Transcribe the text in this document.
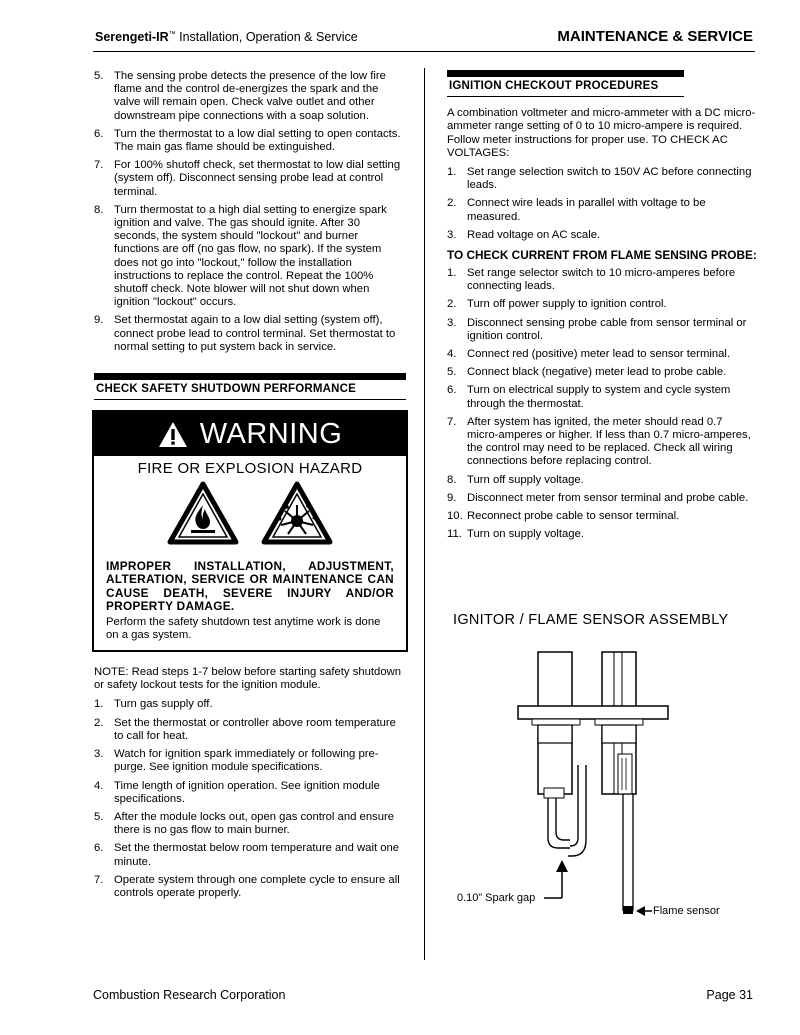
Serengeti-IR™ Installation, Operation & Service	MAINTENANCE & SERVICE
5. The sensing probe detects the presence of the low fire flame and the control de-energizes the spark and the valve will remain open. Check valve outlet and other downstream pipe connections with a soap solution.
6. Turn the thermostat to a low dial setting to open contacts. The main gas flame should be extinguished.
7. For 100% shutoff check, set thermostat to low dial setting (system off). Disconnect sensing probe lead at control terminal.
8. Turn thermostat to a high dial setting to energize spark ignition and valve. The gas should ignite. After 30 seconds, the system should "lockout" and burner functions are off (no gas flow, no spark). If the system does not go into "lockout," follow the installation instructions to replace the control. Repeat the 100% shutoff check. Note blower will not shut down when ignition "lockout" occurs.
9. Set thermostat again to a low dial setting (system off), connect probe lead to control terminal. Set thermostat to normal setting to put system back in service.
CHECK SAFETY SHUTDOWN PERFORMANCE
WARNING
FIRE OR EXPLOSION HAZARD
IMPROPER INSTALLATION, ADJUSTMENT, ALTERATION, SERVICE OR MAINTENANCE CAN CAUSE DEATH, SEVERE INJURY AND/OR PROPERTY DAMAGE.
Perform the safety shutdown test anytime work is done on a gas system.

NOTE: Read steps 1-7 below before starting safety shutdown or safety lockout tests for the ignition module.

1. Turn gas supply off.
2. Set the thermostat or controller above room temperature to call for heat.
3. Watch for ignition spark immediately or following pre-purge. See ignition module specifications.
4. Time length of ignition operation. See ignition module specifications.
5. After the module locks out, open gas control and ensure there is no gas flow to main burner.
6. Set the thermostat below room temperature and wait one minute.
7. Operate system through one complete cycle to ensure all controls operate properly.
IGNITION CHECKOUT PROCEDURES

A combination voltmeter and micro-ammeter with a DC micro-ammeter range setting of 0 to 10 micro-ampere is required. Follow meter instructions for proper use. TO CHECK AC VOLTAGES:

1. Set range selection switch to 150V AC before connecting leads.
2. Connect wire leads in parallel with voltage to be measured.
3. Read voltage on AC scale.
TO CHECK CURRENT FROM FLAME SENSING PROBE:
1. Set range selector switch to 10 micro-amperes before connecting leads.
2. Turn off power supply to ignition control.
3. Disconnect sensing probe cable from sensor terminal or ignition control.
4. Connect red (positive) meter lead to sensor terminal.
5. Connect black (negative) meter lead to probe cable.
6. Turn on electrical supply to system and cycle system through the thermostat.
7. After system has ignited, the meter should read 0.7 micro-amperes or higher. If less than 0.7 micro-amperes, the control may need to be replaced. Check all wiring connections before replacing control.
8. Turn off supply voltage.
9. Disconnect meter from sensor terminal and probe cable.
10. Reconnect probe cable to sensor terminal.
11. Turn on supply voltage.
IGNITOR / FLAME SENSOR ASSEMBLY
0.10” Spark gap
Flame sensor
Combustion Research Corporation	Page 31
